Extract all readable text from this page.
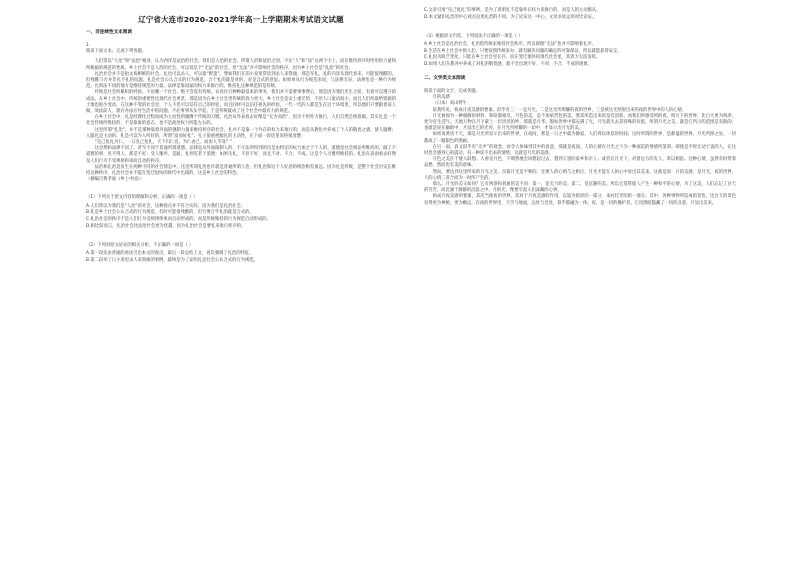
辽宁省大连市2020-2021学年高一上学期期末考试语文试题
一、非连续性文本阅读

1.

阅读下面文本，完成下列各题。

人们常以“人治”和“法治”相对，认为西洋是法治的社会，我们是人治的社会。所谓人治和法治之别，不在“人”和“法”这两个字上，而在维持秩序时所用的力量和所根据的规范的性质。乡土社会不是人治的社会，可以说是个“无法”的社会，但“无法”并不影响社会的秩序，因为乡土社会是“礼治”的社会。

礼治社会并不是指文质彬彬的社会。礼也可以杀人，可以很“野蛮”。譬如我们在旧小说里常读到杀人来祭旗，那是军礼。礼的内容从现代看来，可能很残酷的。但残酷与否并非礼不礼的问题。礼是社会公认合式的行为规范。合于礼的就是对的，对是合式的意思。如果单从行为规范来说，与法律无异，法律也是一种行为规范。礼和法不同的地方是维持规范的力量。法律是靠国家的权力来推行的。维持礼这种规范的是传统。

传统是社会所累积的经验。不论哪一个社会，绝不会没有传统。衣食住行种种最基本的事务，我们并不需要事事费心，那是因为我们出生之前，有着可以遵守的成法。在乡土社会中，传统的重要性比现代社会更甚，那是因为在乡土社会里传统的效力更大。乡土社会是安土重迁的，不但人口流动很小，而且人们所取给资源的土地也很少变动。在这种不变的社会里，个人不但可以信任自己的经验，而且同样可以信任祖先的经验。一代一代的人都是生在这个环境里，所以他们只要跟着前人做，效法前人，就有办法应付生活中的问题，不必事事从头学起。于是传统就成了这个社会中最有力的规范。

在乡土社会中，礼是经教化过程而成为主动性的服膺于传统的习惯。礼治从外表看去好像是“无为而治”，因为不用外力推行，人们自然会照着做。其实礼是一个社会传统所维持的，不是靠谁的意志，也不是政治权力所能左右的。

这里所谓“礼治”，并不是那种靠着外面的强制力量来维持秩序的社会。礼并不是靠一个外在的权力来推行的，而是从教化中养成了个人的敬畏之感，使人服膺；人服礼是主动的。礼是可以为人所好的，所谓“富而好礼”。孔子很重视服礼的主动性，在下面一段话里说得很清楚：

“克己复礼为仁。一日克己复礼，天下归仁焉。为仁由己，而由人乎哉？”

这显然和法律不同了。甚至不同于普通所谓道德。法律是从外面限制人的，不守法所得到的罚是由特定的权力加之于个人的。道德是社会舆论所维持的，做了不道德的事，见不得人，那是不好；受人唾弃，是耻。礼则有甚于道德：如果失礼，不但不好，而且不对、不合、不成。这是个人习惯所维持的。礼治在表面看去好像是人们行为不受规律拘束而自动的秩序。

法治和礼治是发生在两种不同的社会情态中。这里所谓礼治也许就是普通所谓人治，但礼治和这个人好恶的统治相差很远。因为礼是传统，是整个社会历史在维持这种秩序。礼治社会并不能在变迁很快的时代中出现的，这是乡土社会的特色。

（摘编自费孝通《乡土中国》）

（1）下列关于原文内容的理解和分析，正确的一项是（ ）
A.人们常以为我们是“人治”的社会，这种观点并不符合实际，因为我们是礼治社会。
B.礼是乡土社会公认合式的行为规范，有时可能很残酷的，但另要合乎礼的就是合式的。
C.礼治社会的秩序不是人们行为受规律拘束而自动形成的，而是传统维持的行为规范自动形成的。
D.相比较而言，礼治社会比法治社会更为优越，因为礼治社会是要礼来推行秩序的。
（2）下列对原文论证的相关分析，不正确的一项是（ ）
A.第一段先由普通的看法引出本文的观点，最后一段总结上文，再次强调了礼治的特征。
B.第二段举了日小说里杀人来祭旗的事例，最终是为了证明礼是社会公认合式的行为规范。
C.文章引用“克己复礼”的事例，是为了说明礼不是靠外在权力来推行的，而是人的主动服从。
D.本文紧扣礼治的中心观点论述礼治的不同，为了论证这一中心，文章多处运用对比论证。
（3）根据原文内容，下列说法不正确的一项是（ ）
A.乡土社会是礼治社会，礼治借传统来维持社会秩序，所以即使“无法”也并不影响着礼序。
B.生活在乡土社会中的人们，只要按照传统来办，就有解决问题的确定的可靠保证，所以就能获得安定。
C.礼因为缺乏变化，只能在乡土社会里长存，而在变迁很快的现代社会里，其效力无法发挥。
D.如果人们在教养中养成了对礼的敬畏感，就不会出现不好、不对、不合、不成的现象。
二、文学类文本阅读

阅读下面的文字，完成各题。

月的美感

（日本）高山樗牛

依我所见，构成月夜美感的要素，似乎有三：一是月光，二是这光所照耀的夜的世界，三是被这光照射出来的夜的世界中的人的心情。

月光被视为一种极静的材料，和喧嚣相反。月色的美，是不加浓烈色的美，然其所造出来的是有清新，而我们所感受到的夜，明月下的世界，比白天更为明净，更为有生活气。天地万物在月下蒙上一层淡淡的纱。那就是月华。假如世界中都充满了光，月光就失去其特殊的价值。所谓月光之美，就是它所占的范围是有限的；也就是说在幽暗中，才显出它的光亮。在月光所照耀的一切中，才显示出月光的美。

如果说黄昏于天，那是月光所显示出来的世界。在夜间，那是一日之中最为静寂，人们得以休息的时间；这时所谓的世界，是静谧的世界。月光所照之处，一切都成了一幅银色的图画。

在另一面，真又似乎有“无声”的观念，而令人体味到其中的真意，那就是夜间。人的心情在月光之下为一种深沉的情感所笼罩。即使是平时无动于衷的人，在这时也会感到心的震动，有一种说不出来的情绪，这就是月光的美感。

月色之美在于使人联想。人看见月色，不期然地会回想起过去，想到久别的家乡和亲人；或者在月光下，对着远方的友人，寄以相思。这种心情，虽然有时带着哀愁，然而也有美的意味。

然而，要达到这里所说的月光之美，仅靠月光是不够的。还要人的心情与之相应，月光才能在人的心中显出其美来。这就是说：月的美感，是月光、夜的世界、人的心情三者合而为一时所产生的。

那么，月光的美又如何？它有两条和普通的美不同：第一，是无力的美；第二，是沉静的美。所以它常常使人产生一种和平的心情，为了这美，人们忘记了白天的劳苦，而沉湎于静静的沉思之中。月的光，像要引起人们深藏的心事。

构成月夜美感的要素，其次当推夜的世界。其对于月夜美感的作用，以较为暗淡的一部分，来衬托光明的一部分。其中，各种事物所造成的景色，比白天的景色显得更为神秘、更为幽远。在夜的世界里，天空与地面，远处与近处，似乎都融为一体。夜，是一切的掩护者。它用黑暗隐藏了一切的丑恶，只显出美来。
